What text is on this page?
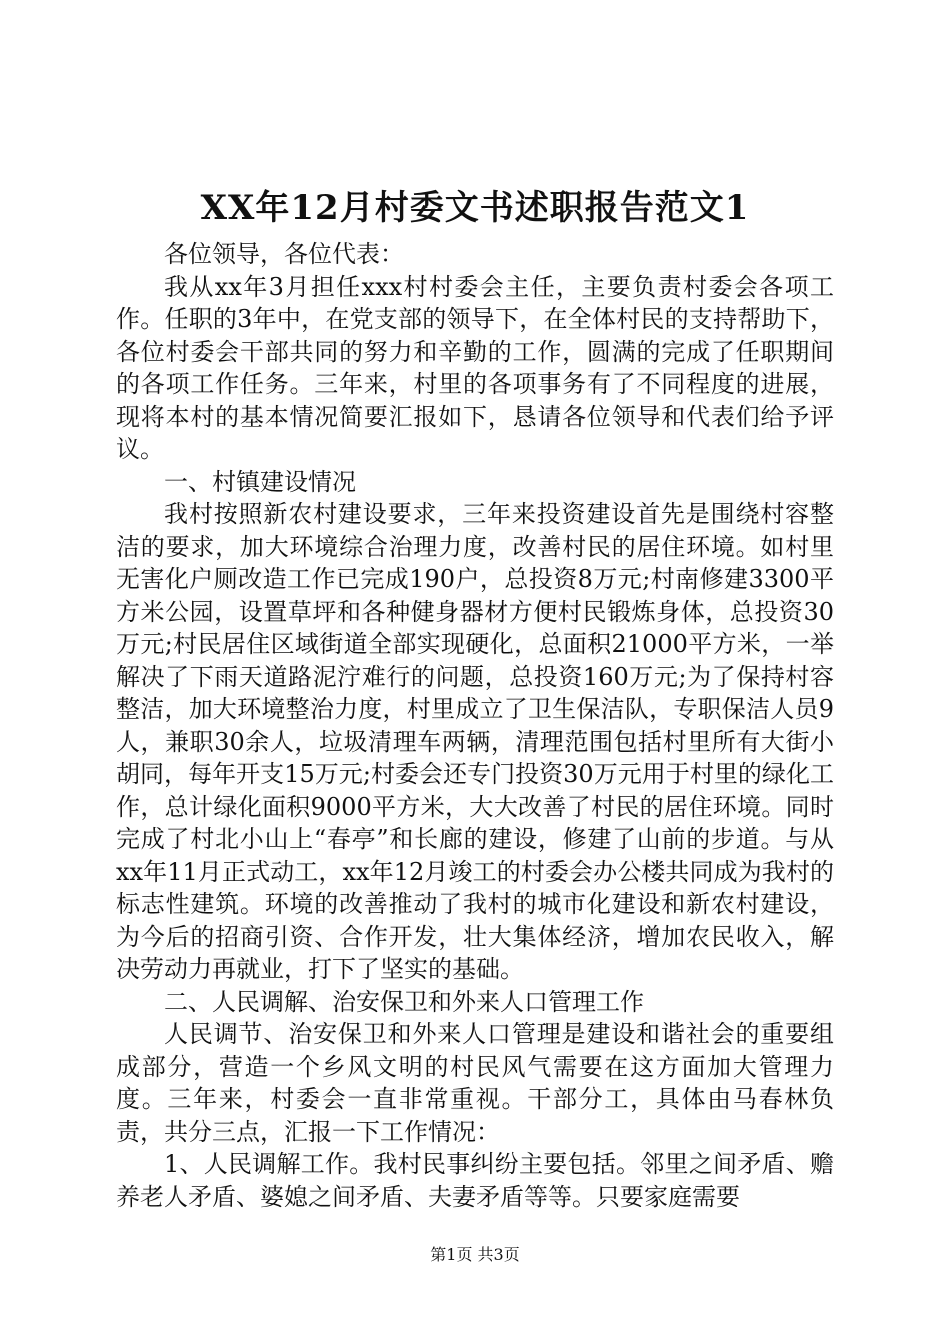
XX年12月村委文书述职报告范文1

各位领导，各位代表：

我从xx年3月担任xxx村村委会主任，主要负责村委会各项工作。任职的3年中，在党支部的领导下，在全体村民的支持帮助下，各位村委会干部共同的努力和辛勤的工作，圆满的完成了任职期间的各项工作任务。三年来，村里的各项事务有了不同程度的进展，现将本村的基本情况简要汇报如下，恳请各位领导和代表们给予评议。

一、村镇建设情况

我村按照新农村建设要求，三年来投资建设首先是围绕村容整洁的要求，加大环境综合治理力度，改善村民的居住环境。如村里无害化户厕改造工作已完成190户，总投资8万元;村南修建3300平方米公园，设置草坪和各种健身器材方便村民锻炼身体，总投资30万元;村民居住区域街道全部实现硬化，总面积21000平方米，一举解决了下雨天道路泥泞难行的问题，总投资160万元;为了保持村容整洁，加大环境整治力度，村里成立了卫生保洁队，专职保洁人员9人，兼职30余人，垃圾清理车两辆，清理范围包括村里所有大街小胡同，每年开支15万元;村委会还专门投资30万元用于村里的绿化工作，总计绿化面积9000平方米，大大改善了村民的居住环境。同时完成了村北小山上“春亭”和长廊的建设，修建了山前的步道。与从xx年11月正式动工，xx年12月竣工的村委会办公楼共同成为我村的标志性建筑。环境的改善推动了我村的城市化建设和新农村建设，为今后的招商引资、合作开发，壮大集体经济，增加农民收入，解决劳动力再就业，打下了坚实的基础。

二、人民调解、治安保卫和外来人口管理工作

人民调节、治安保卫和外来人口管理是建设和谐社会的重要组成部分，营造一个乡风文明的村民风气需要在这方面加大管理力度。三年来，村委会一直非常重视。干部分工，具体由马春林负责，共分三点，汇报一下工作情况：

1、人民调解工作。我村民事纠纷主要包括。邻里之间矛盾、赡养老人矛盾、婆媳之间矛盾、夫妻矛盾等等。只要家庭需要

第1页 共3页
